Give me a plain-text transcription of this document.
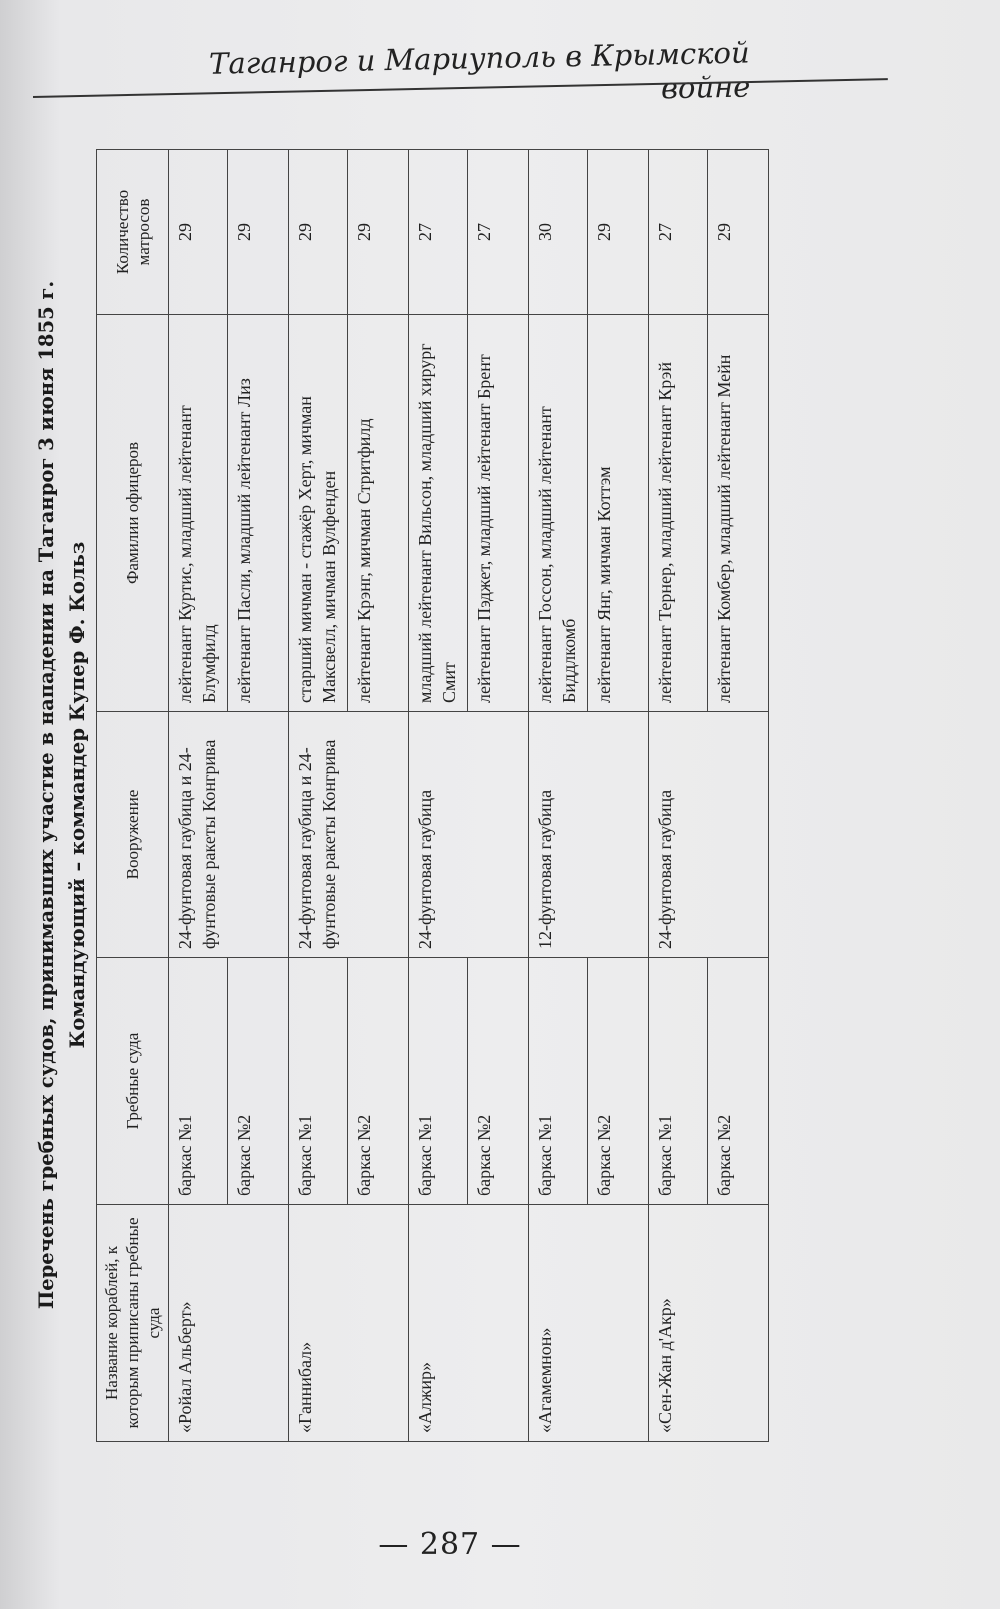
Таганрог и Мариуполь в Крымской войне
Перечень гребных судов, принимавших участие в нападении на Таганрог 3 июня 1855 г. Командующий – коммандер Купер Ф. Кольз
Название кораблей, к которым приписаны гребные суда	Гребные суда	Вооружение	Фамилии офицеров	Количество матросов
«Ройал Альберт»	баркас №1	24-фунтовая гаубица и 24-фунтовые ракеты Конгрива	лейтенант Куртис, младший лейтенант Блумфилд	29
	баркас №2		лейтенант Пасли, младший лейтенант Лиз	29
«Ганнибал»	баркас №1	24-фунтовая гаубица и 24-фунтовые ракеты Конгрива	старший мичман - стажёр Херт, мичман Максвелл, мичман Вулфенден	29
	баркас №2		лейтенант Крэнг, мичман Стритфилд	29
«Алжир»	баркас №1	24-фунтовая гаубица	младший лейтенант Вильсон, младший хирург Смит	27
	баркас №2		лейтенант Пэджет, младший лейтенант Брент	27
«Агамемнон»	баркас №1	12-фунтовая гаубица	лейтенант Госсон, младший лейтенант Биддлкомб	30
	баркас №2		лейтенант Янг, мичман Коттэм	29
«Сен-Жан д'Акр»	баркас №1	24-фунтовая гаубица	лейтенант Тернер, младший лейтенант Крэй	27
	баркас №2		лейтенант Комбер, младший лейтенант Мейн	29
— 287 —
